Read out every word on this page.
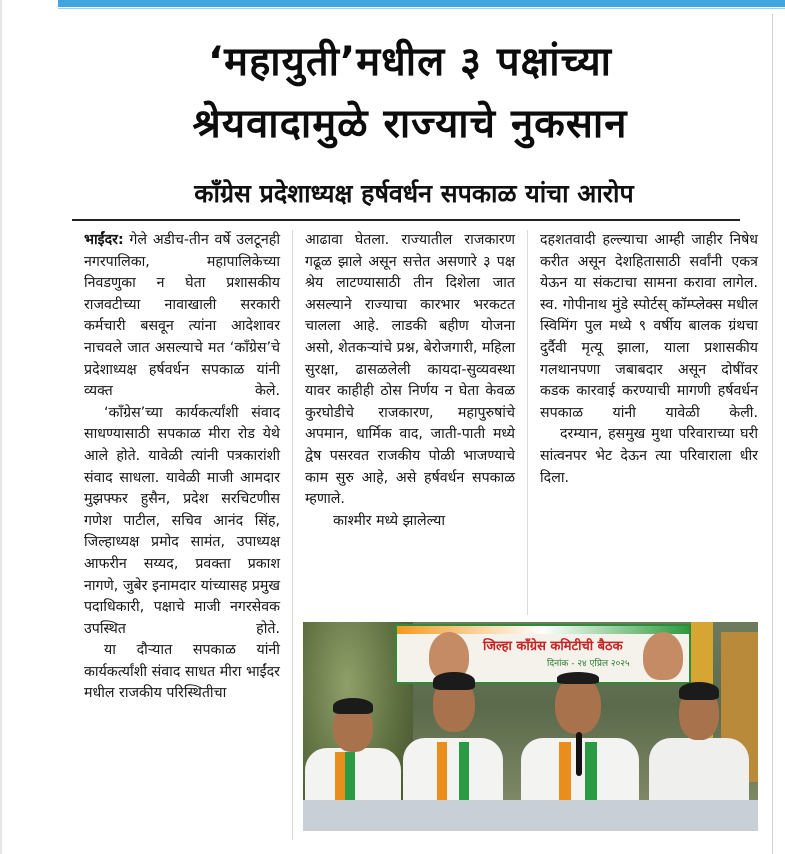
‘महायुती’मधील ३ पक्षांच्या
श्रेयवादामुळे राज्याचे नुकसान
काँग्रेस प्रदेशाध्यक्ष हर्षवर्धन सपकाळ यांचा आरोप

भाईंदर: गेले अडीच-तीन वर्षे उलटूनही नगरपालिका, महापालिकेच्या निवडणुका न घेता प्रशासकीय राजवटीच्या नावाखाली सरकारी कर्मचारी बसवून त्यांना आदेशावर नाचवले जात असल्याचे मत ‘काँग्रेस’चे प्रदेशाध्यक्ष हर्षवर्धन सपकाळ यांनी व्यक्त केले.

‘काँग्रेस’च्या कार्यकर्त्यांशी संवाद साधण्यासाठी सपकाळ मीरा रोड येथे आले होते. यावेळी त्यांनी पत्रकारांशी संवाद साधला. यावेळी माजी आमदार मुझफ्फर हुसैन, प्रदेश सरचिटणीस गणेश पाटील, सचिव आनंद सिंह, जिल्हाध्यक्ष प्रमोद सामंत, उपाध्यक्ष आफरीन सय्यद, प्रवक्ता प्रकाश नागणे, जुबेर इनामदार यांच्यासह प्रमुख पदाधिकारी, पक्षाचे माजी नगरसेवक उपस्थित होते.

या दौऱ्यात सपकाळ यांनी कार्यकर्त्यांशी संवाद साधत मीरा भाईंदर मधील राजकीय परिस्थितीचा

आढावा घेतला. राज्यातील राजकारण गढूळ झाले असून सत्तेत असणारे ३ पक्ष श्रेय लाटण्यासाठी तीन दिशेला जात असल्याने राज्याचा कारभार भरकटत चालला आहे. लाडकी बहीण योजना असो, शेतकऱ्यांचे प्रश्न, बेरोजगारी, महिला सुरक्षा, ढासळलेली कायदा-सुव्यवस्था यावर काहीही ठोस निर्णय न घेता केवळ कुरघोडीचे राजकारण, महापुरुषांचे अपमान, धार्मिक वाद, जाती-पाती मध्ये द्वेष पसरवत राजकीय पोळी भाजण्याचे काम सुरु आहे, असे हर्षवर्धन सपकाळ म्हणाले.

काश्मीर मध्ये झालेल्या

दहशतवादी हल्ल्याचा आम्ही जाहीर निषेध करीत असून देशहितासाठी सर्वांनी एकत्र येऊन या संकटाचा सामना करावा लागेल. स्व. गोपीनाथ मुंडे स्पोर्टस् कॉम्प्लेक्स मधील स्विमिंग पुल मध्ये ९ वर्षीय बालक ग्रंथचा दुर्दैवी मृत्यू झाला, याला प्रशासकीय गलथानपणा जबाबदार असून दोषींवर कडक कारवाई करण्याची मागणी हर्षवर्धन सपकाळ यांनी यावेळी केली.

दरम्यान, हसमुख मुथा परिवाराच्या घरी सांत्वनपर भेट देऊन त्या परिवाराला धीर दिला.

जिल्हा काँग्रेस कमिटीची बैठक
दिनांक - २४ एप्रिल २०२५
